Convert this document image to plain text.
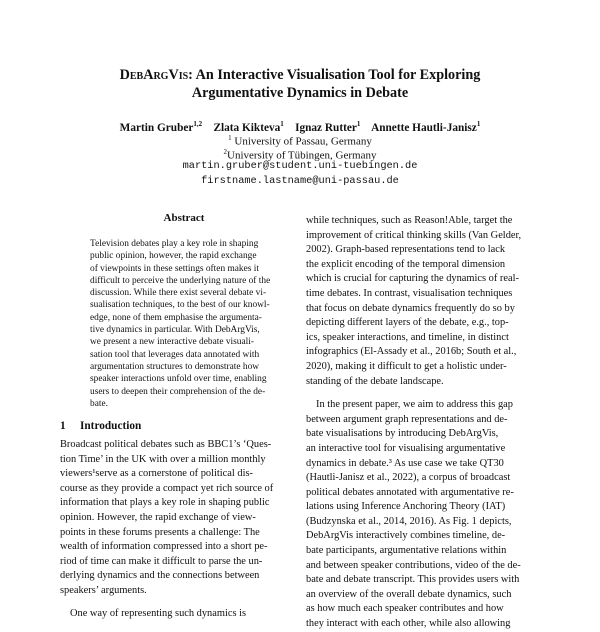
DebArgVis: An Interactive Visualisation Tool for Exploring
Argumentative Dynamics in Debate
Martin Gruber$^{1,2}$ Zlata Kikteva$^1$ Ignaz Rutter$^1$ Annette Hautli-Janisz$^1$
$^1$ University of Passau, Germany
$^2$University of Tübingen, Germany
martin.gruber@student.uni-tuebingen.de
firstname.lastname@uni-passau.de
Abstract
Television debates play a key role in shaping
public opinion, however, the rapid exchange
of viewpoints in these settings often makes it
difficult to perceive the underlying nature of the
discussion. While there exist several debate vi-
sualisation techniques, to the best of our knowl-
edge, none of them emphasise the argumenta-
tive dynamics in particular. With DebArgVis,
we present a new interactive debate visuali-
sation tool that leverages data annotated with
argumentation structures to demonstrate how
speaker interactions unfold over time, enabling
users to deepen their comprehension of the de-
bate.
1 Introduction
Broadcast political debates such as BBC1’s ‘Ques-
tion Time’ in the UK with over a million monthly
viewers¹serve as a cornerstone of political dis-
course as they provide a compact yet rich source of
information that plays a key role in shaping public
opinion. However, the rapid exchange of view-
points in these forums presents a challenge: The
wealth of information compressed into a short pe-
riod of time can make it difficult to parse the un-
derlying dynamics and the connections between
speakers’ arguments.
One way of representing such dynamics is
while techniques, such as Reason!Able, target the
improvement of critical thinking skills (Van Gelder,
2002). Graph-based representations tend to lack
the explicit encoding of the temporal dimension
which is crucial for capturing the dynamics of real-
time debates. In contrast, visualisation techniques
that focus on debate dynamics frequently do so by
depicting different layers of the debate, e.g., top-
ics, speaker interactions, and timeline, in distinct
infographics (El-Assady et al., 2016b; South et al.,
2020), making it difficult to get a holistic under-
standing of the debate landscape.
In the present paper, we aim to address this gap
between argument graph representations and de-
bate visualisations by introducing DebArgVis,
an interactive tool for visualising argumentative
dynamics in debate.³ As use case we take QT30
(Hautli-Janisz et al., 2022), a corpus of broadcast
political debates annotated with argumentative re-
lations using Inference Anchoring Theory (IAT)
(Budzynska et al., 2014, 2016). As Fig. 1 depicts,
DebArgVis interactively combines timeline, de-
bate participants, argumentative relations within
and between speaker contributions, video of the de-
bate and debate transcript. This provides users with
an overview of the overall debate dynamics, such
as how much each speaker contributes and how
they interact with each other, while also allowing
